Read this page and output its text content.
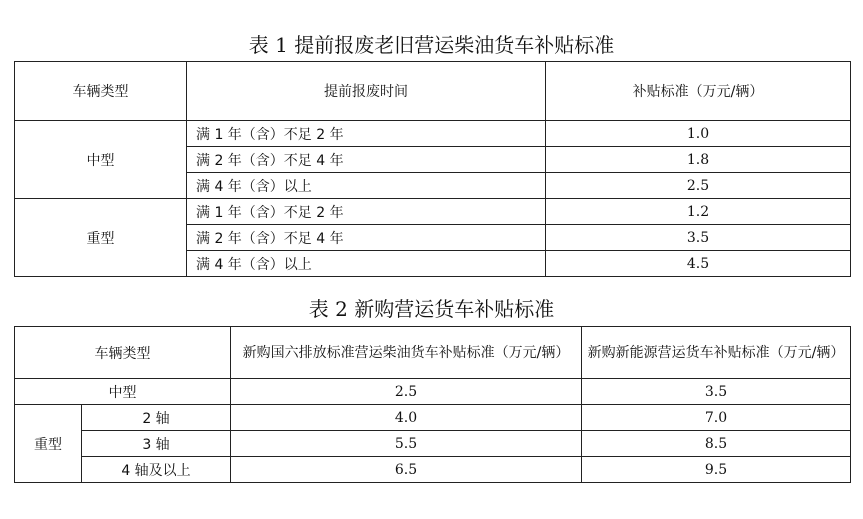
表 1 提前报废老旧营运柴油货车补贴标准
车辆类型	提前报废时间	补贴标准（万元/辆）
中型	满 1 年（含）不足 2 年	1.0
	满 2 年（含）不足 4 年	1.8
	满 4 年（含）以上	2.5
重型	满 1 年（含）不足 2 年	1.2
	满 2 年（含）不足 4 年	3.5
	满 4 年（含）以上	4.5
表 2 新购营运货车补贴标准
车辆类型		新购国六排放标准营运柴油货车补贴标准（万元/辆）	新购新能源营运货车补贴标准（万元/辆）
中型		2.5	3.5
重型	2 轴	4.0	7.0
	3 轴	5.5	8.5
	4 轴及以上	6.5	9.5
